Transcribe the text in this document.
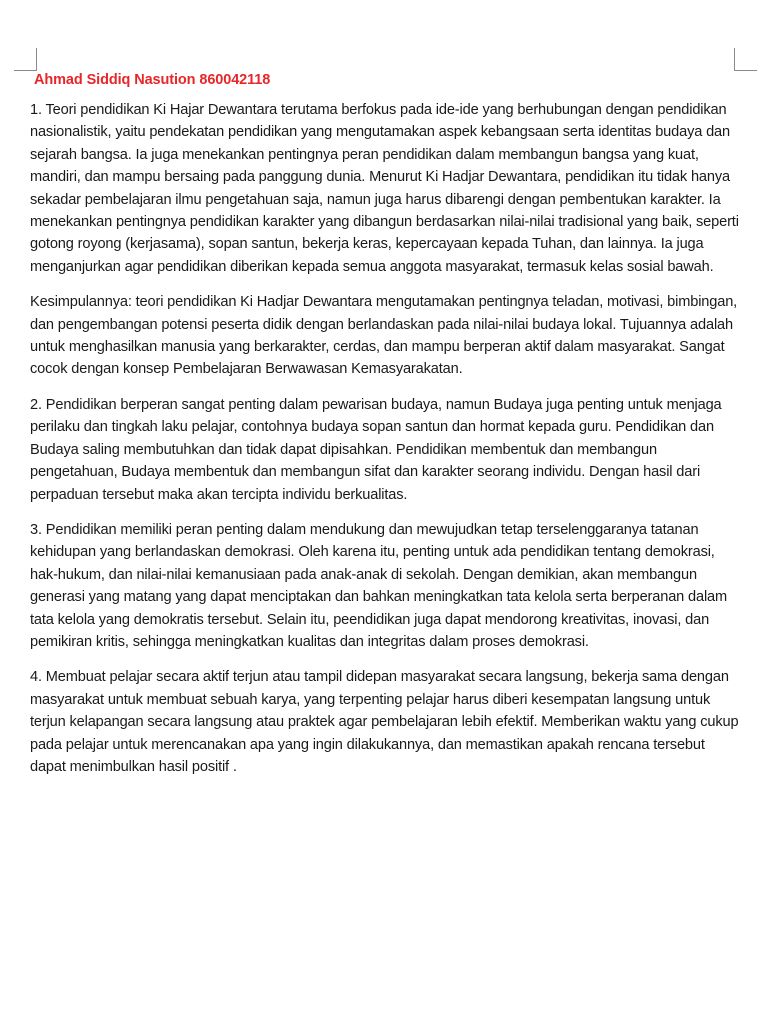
Ahmad Siddiq Nasution 860042118

1. Teori pendidikan Ki Hajar Dewantara terutama berfokus pada ide-ide yang berhubungan dengan pendidikan nasionalistik, yaitu pendekatan pendidikan yang mengutamakan aspek kebangsaan serta identitas budaya dan sejarah bangsa. Ia juga menekankan pentingnya peran pendidikan dalam membangun bangsa yang kuat, mandiri, dan mampu bersaing pada panggung dunia. Menurut Ki Hadjar Dewantara, pendidikan itu tidak hanya sekadar pembelajaran ilmu pengetahuan saja, namun juga harus dibarengi dengan pembentukan karakter. Ia menekankan pentingnya pendidikan karakter yang dibangun berdasarkan nilai-nilai tradisional yang baik, seperti gotong royong (kerjasama), sopan santun, bekerja keras, kepercayaan kepada Tuhan, dan lainnya. Ia juga menganjurkan agar pendidikan diberikan kepada semua anggota masyarakat, termasuk kelas sosial bawah.

Kesimpulannya: teori pendidikan Ki Hadjar Dewantara mengutamakan pentingnya teladan, motivasi, bimbingan, dan pengembangan potensi peserta didik dengan berlandaskan pada nilai-nilai budaya lokal. Tujuannya adalah untuk menghasilkan manusia yang berkarakter, cerdas, dan mampu berperan aktif dalam masyarakat. Sangat cocok dengan konsep Pembelajaran Berwawasan Kemasyarakatan.

2. Pendidikan berperan sangat penting dalam pewarisan budaya, namun Budaya juga penting untuk menjaga perilaku dan tingkah laku pelajar, contohnya budaya sopan santun dan hormat kepada guru. Pendidikan dan Budaya saling membutuhkan dan tidak dapat dipisahkan. Pendidikan membentuk dan membangun pengetahuan, Budaya membentuk dan membangun sifat dan karakter seorang individu. Dengan hasil dari perpaduan tersebut maka akan tercipta individu berkualitas.

3. Pendidikan memiliki peran penting dalam mendukung dan mewujudkan tetap terselenggaranya tatanan kehidupan yang berlandaskan demokrasi. Oleh karena itu, penting untuk ada pendidikan tentang demokrasi, hak-hukum, dan nilai-nilai kemanusiaan pada anak-anak di sekolah. Dengan demikian, akan membangun generasi yang matang yang dapat menciptakan dan bahkan meningkatkan tata kelola serta berperanan dalam tata kelola yang demokratis tersebut. Selain itu, peendidikan juga dapat mendorong kreativitas, inovasi, dan pemikiran kritis, sehingga meningkatkan kualitas dan integritas dalam proses demokrasi.

4. Membuat pelajar secara aktif terjun atau tampil didepan masyarakat secara langsung, bekerja sama dengan masyarakat untuk membuat sebuah karya, yang terpenting pelajar harus diberi kesempatan langsung untuk terjun kelapangan secara langsung atau praktek agar pembelajaran lebih efektif. Memberikan waktu yang cukup pada pelajar untuk merencanakan apa yang ingin dilakukannya, dan memastikan apakah rencana tersebut dapat menimbulkan hasil positif .
